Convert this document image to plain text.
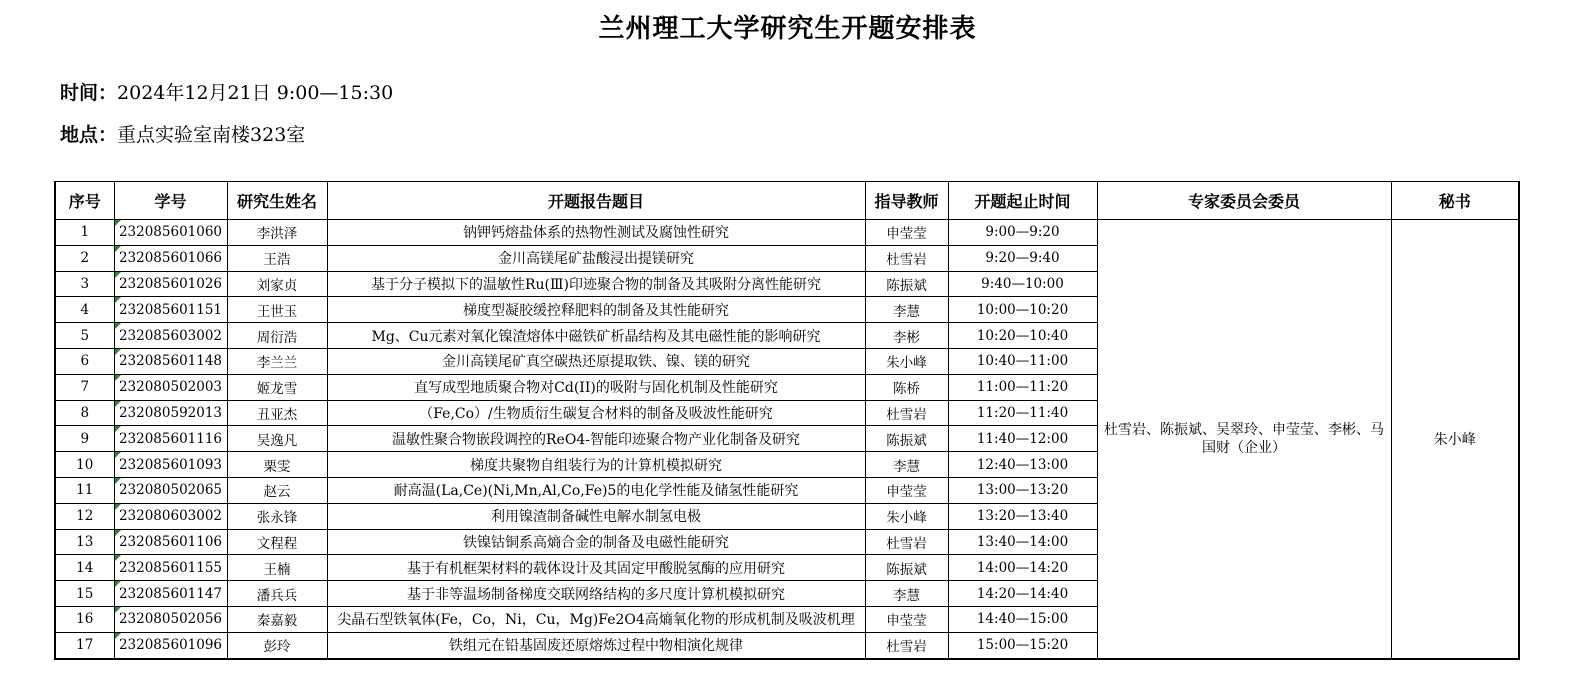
兰州理工大学研究生开题安排表
时间：2024年12月21日 9:00—15:30
地点：重点实验室南楼323室
序号	学号	研究生姓名	开题报告题目	指导教师	开题起止时间	专家委员会委员	秘书
1	232085601060	李洪泽	钠钾钙熔盐体系的热物性测试及腐蚀性研究	申莹莹	9:00—9:20	杜雪岩、陈振斌、吴翠玲、申莹莹、李彬、马国财（企业）	朱小峰
2	232085601066	王浩	金川高镁尾矿盐酸浸出提镁研究	杜雪岩	9:20—9:40		
3	232085601026	刘家贞	基于分子模拟下的温敏性Ru(Ⅲ)印迹聚合物的制备及其吸附分离性能研究	陈振斌	9:40—10:00		
4	232085601151	王世玉	梯度型凝胶缓控释肥料的制备及其性能研究	李慧	10:00—10:20		
5	232085603002	周衍浩	Mg、Cu元素对氧化镍渣熔体中磁铁矿析晶结构及其电磁性能的影响研究	李彬	10:20—10:40		
6	232085601148	李兰兰	金川高镁尾矿真空碳热还原提取铁、镍、镁的研究	朱小峰	10:40—11:00		
7	232080502003	姬龙雪	直写成型地质聚合物对Cd(II)的吸附与固化机制及性能研究	陈桥	11:00—11:20		
8	232080592013	丑亚杰	（Fe,Co）/生物质衍生碳复合材料的制备及吸波性能研究	杜雪岩	11:20—11:40		
9	232085601116	吴逸凡	温敏性聚合物嵌段调控的ReO4-智能印迹聚合物产业化制备及研究	陈振斌	11:40—12:00		
10	232085601093	栗雯	梯度共聚物自组装行为的计算机模拟研究	李慧	12:40—13:00		
11	232080502065	赵云	耐高温(La,Ce)(Ni,Mn,Al,Co,Fe)5的电化学性能及储氢性能研究	申莹莹	13:00—13:20		
12	232080603002	张永锋	利用镍渣制备碱性电解水制氢电极	朱小峰	13:20—13:40		
13	232085601106	文程程	铁镍钴铜系高熵合金的制备及电磁性能研究	杜雪岩	13:40—14:00		
14	232085601155	王楠	基于有机框架材料的载体设计及其固定甲酸脱氢酶的应用研究	陈振斌	14:00—14:20		
15	232085601147	潘兵兵	基于非等温场制备梯度交联网络结构的多尺度计算机模拟研究	李慧	14:20—14:40		
16	232080502056	秦嘉毅	尖晶石型铁氧体(Fe，Co，Ni，Cu，Mg)Fe2O4高熵氧化物的形成机制及吸波机理	申莹莹	14:40—15:00		
17	232085601096	彭玲	铁组元在铅基固废还原熔炼过程中物相演化规律	杜雪岩	15:00—15:20		
